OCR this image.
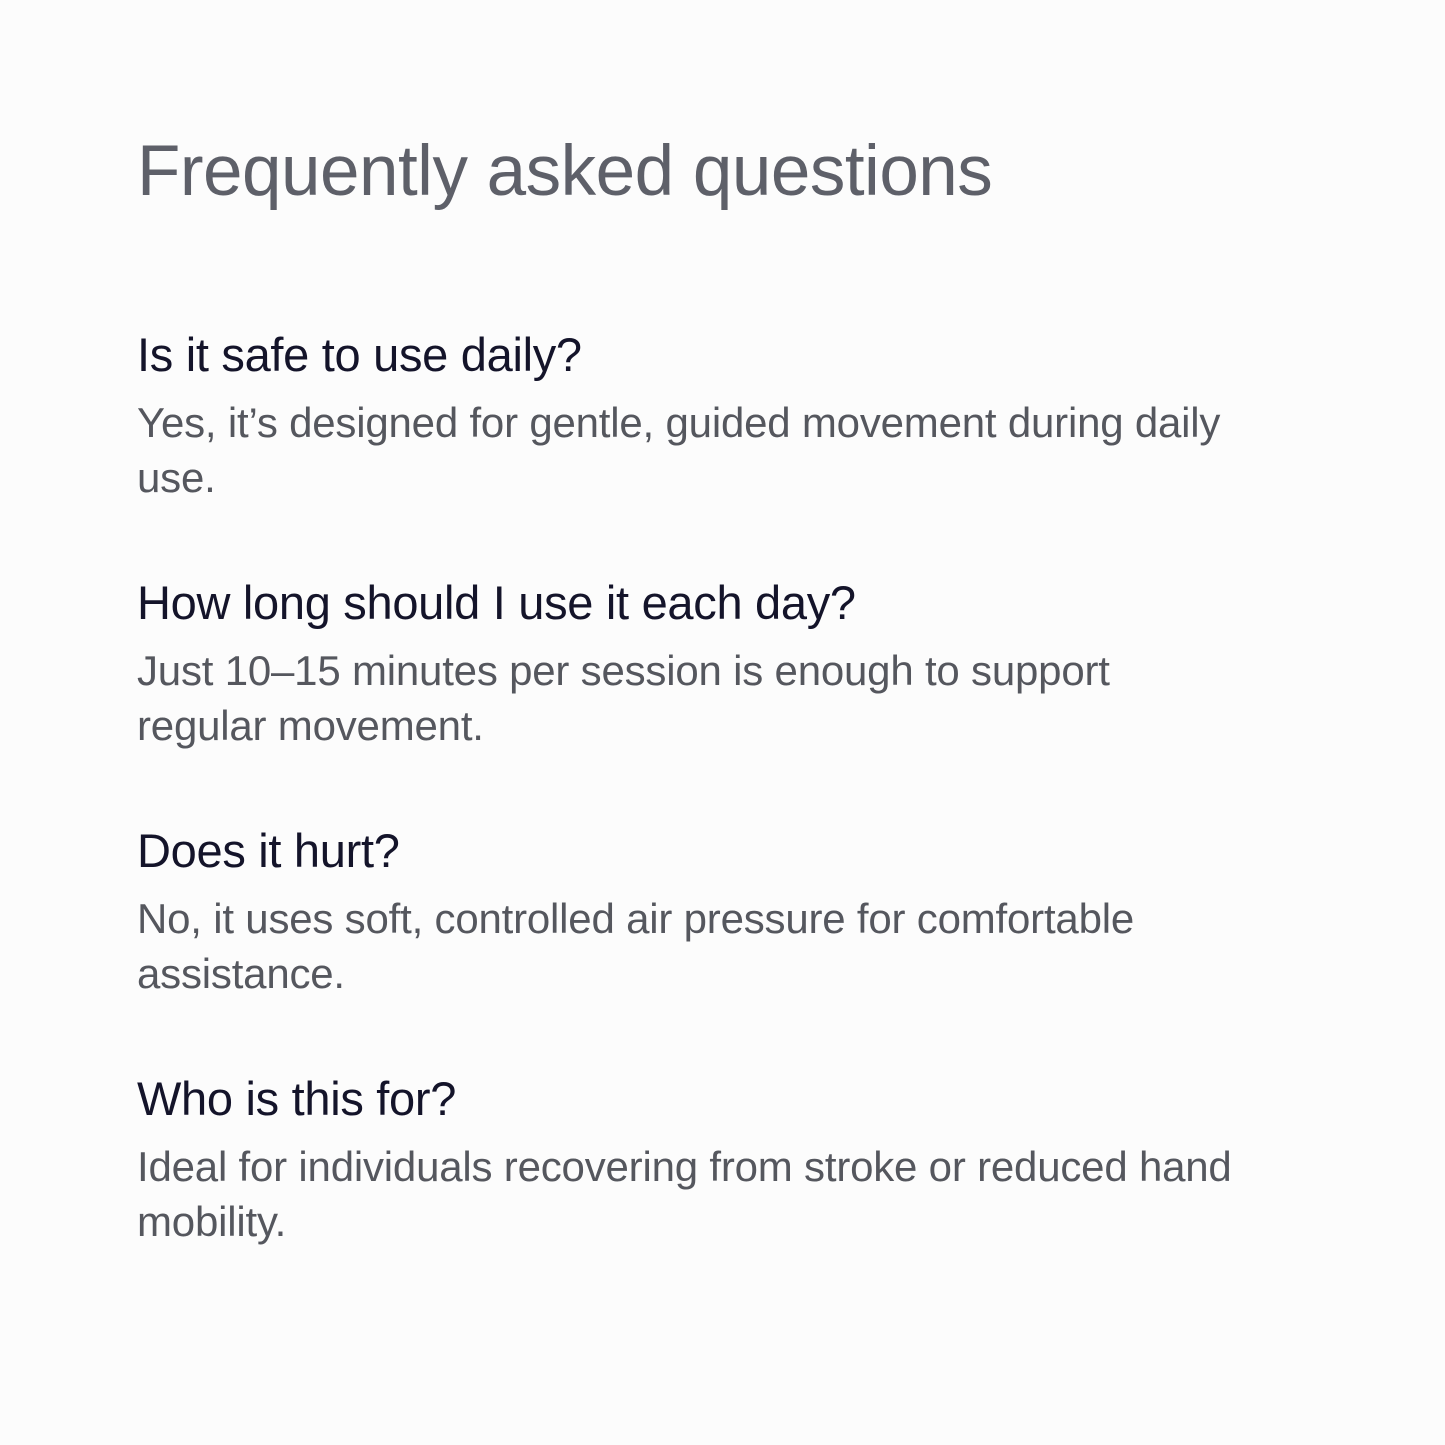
Frequently asked questions
Is it safe to use daily?

Yes, it’s designed for gentle, guided movement during daily use.

How long should I use it each day?

Just 10–15 minutes per session is enough to support regular movement.

Does it hurt?

No, it uses soft, controlled air pressure for comfortable assistance.

Who is this for?

Ideal for individuals recovering from stroke or reduced hand mobility.
